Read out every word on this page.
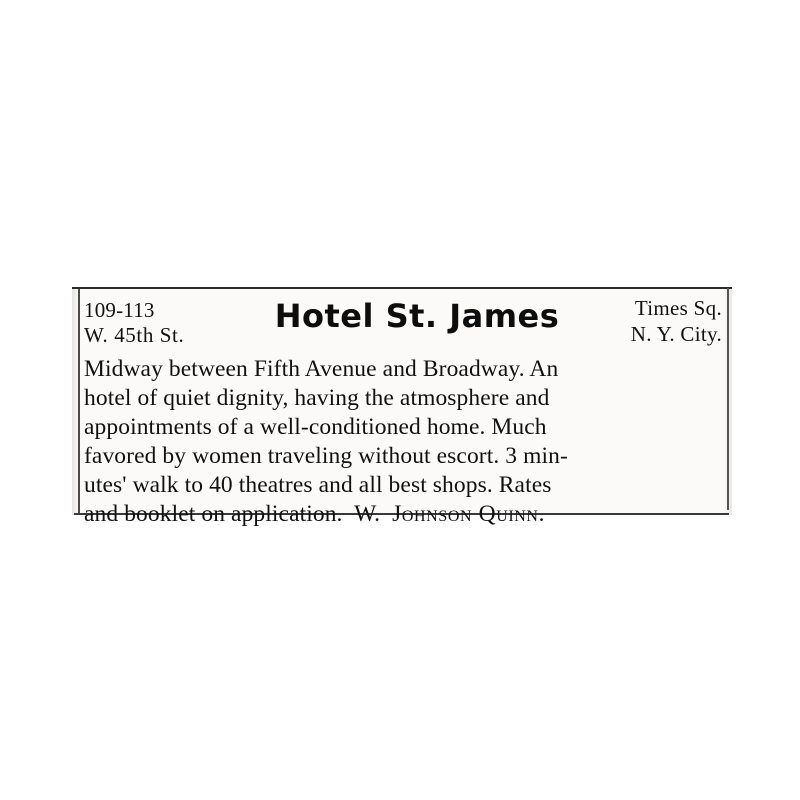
109-113
W. 45th St.	Hotel St. James	Times Sq.
N. Y. City.

Midway between Fifth Avenue and Broadway. An

hotel of quiet dignity, having the atmosphere and

appointments of a well-conditioned home. Much

favored by women traveling without escort. 3 min-

utes' walk to 40 theatres and all best shops. Rates

and booklet on application. W. Johnson Quinn.
